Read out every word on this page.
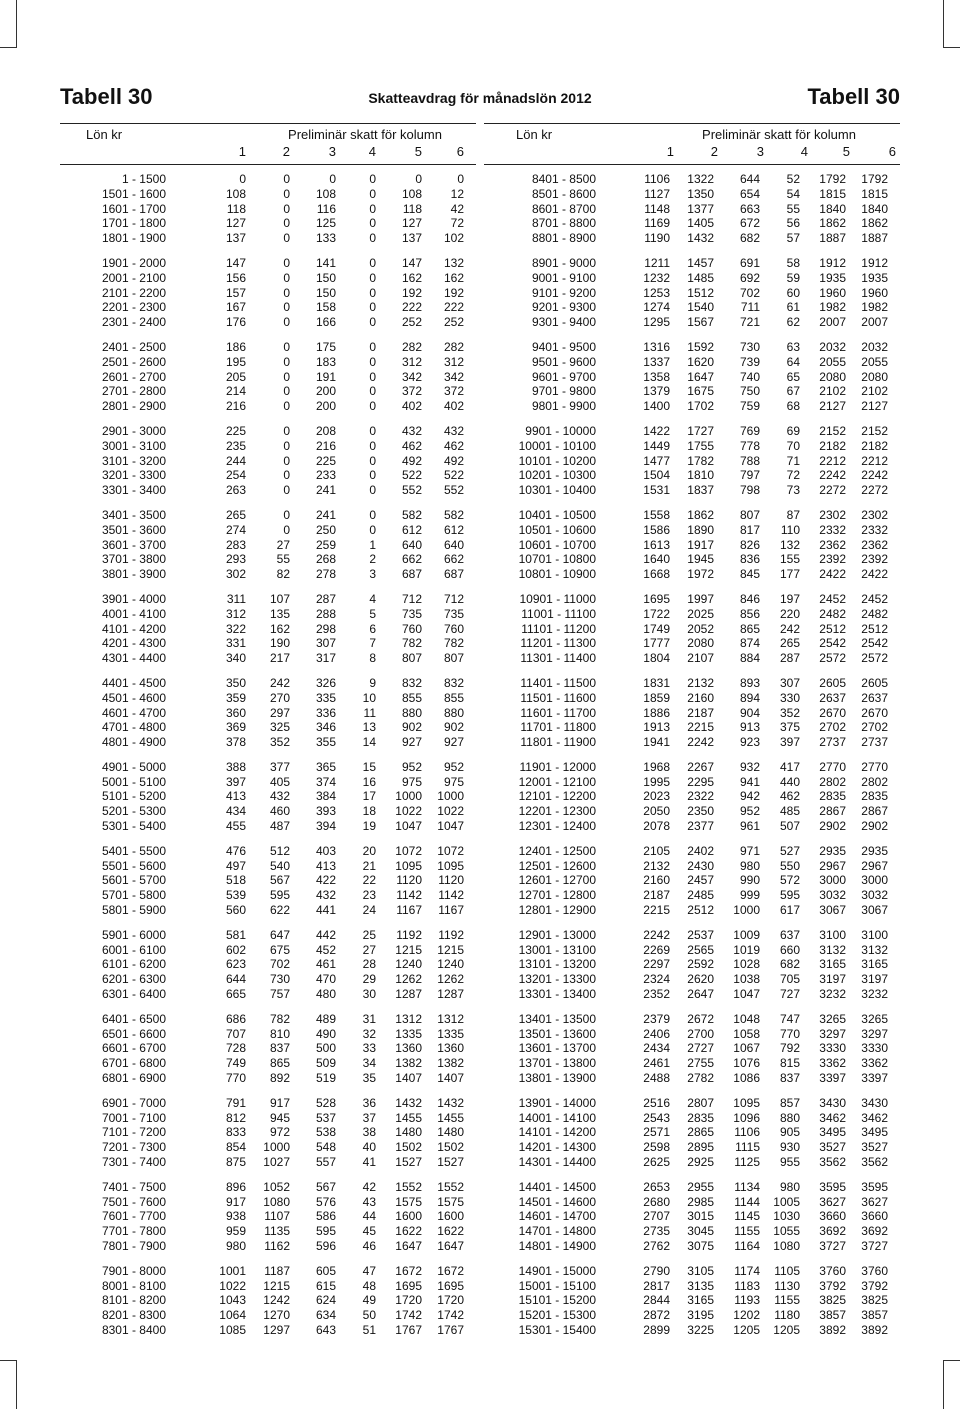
Tabell 30	Skatteavdrag för månadslön 2012	Tabell 30
Lön kr	Preliminär skatt för kolumn
1	2	3	4	5	6
1 - 1500	0	0	0	0	0	0
1501 - 1600	108	0	108	0	108	12
1601 - 1700	118	0	116	0	118	42
1701 - 1800	127	0	125	0	127	72
1801 - 1900	137	0	133	0	137	102
1901 - 2000	147	0	141	0	147	132
2001 - 2100	156	0	150	0	162	162
2101 - 2200	157	0	150	0	192	192
2201 - 2300	167	0	158	0	222	222
2301 - 2400	176	0	166	0	252	252
2401 - 2500	186	0	175	0	282	282
2501 - 2600	195	0	183	0	312	312
2601 - 2700	205	0	191	0	342	342
2701 - 2800	214	0	200	0	372	372
2801 - 2900	216	0	200	0	402	402
2901 - 3000	225	0	208	0	432	432
3001 - 3100	235	0	216	0	462	462
3101 - 3200	244	0	225	0	492	492
3201 - 3300	254	0	233	0	522	522
3301 - 3400	263	0	241	0	552	552
3401 - 3500	265	0	241	0	582	582
3501 - 3600	274	0	250	0	612	612
3601 - 3700	283	27	259	1	640	640
3701 - 3800	293	55	268	2	662	662
3801 - 3900	302	82	278	3	687	687
3901 - 4000	311	107	287	4	712	712
4001 - 4100	312	135	288	5	735	735
4101 - 4200	322	162	298	6	760	760
4201 - 4300	331	190	307	7	782	782
4301 - 4400	340	217	317	8	807	807
4401 - 4500	350	242	326	9	832	832
4501 - 4600	359	270	335	10	855	855
4601 - 4700	360	297	336	11	880	880
4701 - 4800	369	325	346	13	902	902
4801 - 4900	378	352	355	14	927	927
4901 - 5000	388	377	365	15	952	952
5001 - 5100	397	405	374	16	975	975
5101 - 5200	413	432	384	17	1000	1000
5201 - 5300	434	460	393	18	1022	1022
5301 - 5400	455	487	394	19	1047	1047
5401 - 5500	476	512	403	20	1072	1072
5501 - 5600	497	540	413	21	1095	1095
5601 - 5700	518	567	422	22	1120	1120
5701 - 5800	539	595	432	23	1142	1142
5801 - 5900	560	622	441	24	1167	1167
5901 - 6000	581	647	442	25	1192	1192
6001 - 6100	602	675	452	27	1215	1215
6101 - 6200	623	702	461	28	1240	1240
6201 - 6300	644	730	470	29	1262	1262
6301 - 6400	665	757	480	30	1287	1287
6401 - 6500	686	782	489	31	1312	1312
6501 - 6600	707	810	490	32	1335	1335
6601 - 6700	728	837	500	33	1360	1360
6701 - 6800	749	865	509	34	1382	1382
6801 - 6900	770	892	519	35	1407	1407
6901 - 7000	791	917	528	36	1432	1432
7001 - 7100	812	945	537	37	1455	1455
7101 - 7200	833	972	538	38	1480	1480
7201 - 7300	854	1000	548	40	1502	1502
7301 - 7400	875	1027	557	41	1527	1527
7401 - 7500	896	1052	567	42	1552	1552
7501 - 7600	917	1080	576	43	1575	1575
7601 - 7700	938	1107	586	44	1600	1600
7701 - 7800	959	1135	595	45	1622	1622
7801 - 7900	980	1162	596	46	1647	1647
7901 - 8000	1001	1187	605	47	1672	1672
8001 - 8100	1022	1215	615	48	1695	1695
8101 - 8200	1043	1242	624	49	1720	1720
8201 - 8300	1064	1270	634	50	1742	1742
8301 - 8400	1085	1297	643	51	1767	1767
Lön kr	Preliminär skatt för kolumn
1	2	3	4	5	6
8401 - 8500	1106	1322	644	52	1792	1792
8501 - 8600	1127	1350	654	54	1815	1815
8601 - 8700	1148	1377	663	55	1840	1840
8701 - 8800	1169	1405	672	56	1862	1862
8801 - 8900	1190	1432	682	57	1887	1887
8901 - 9000	1211	1457	691	58	1912	1912
9001 - 9100	1232	1485	692	59	1935	1935
9101 - 9200	1253	1512	702	60	1960	1960
9201 - 9300	1274	1540	711	61	1982	1982
9301 - 9400	1295	1567	721	62	2007	2007
9401 - 9500	1316	1592	730	63	2032	2032
9501 - 9600	1337	1620	739	64	2055	2055
9601 - 9700	1358	1647	740	65	2080	2080
9701 - 9800	1379	1675	750	67	2102	2102
9801 - 9900	1400	1702	759	68	2127	2127
9901 - 10000	1422	1727	769	69	2152	2152
10001 - 10100	1449	1755	778	70	2182	2182
10101 - 10200	1477	1782	788	71	2212	2212
10201 - 10300	1504	1810	797	72	2242	2242
10301 - 10400	1531	1837	798	73	2272	2272
10401 - 10500	1558	1862	807	87	2302	2302
10501 - 10600	1586	1890	817	110	2332	2332
10601 - 10700	1613	1917	826	132	2362	2362
10701 - 10800	1640	1945	836	155	2392	2392
10801 - 10900	1668	1972	845	177	2422	2422
10901 - 11000	1695	1997	846	197	2452	2452
11001 - 11100	1722	2025	856	220	2482	2482
11101 - 11200	1749	2052	865	242	2512	2512
11201 - 11300	1777	2080	874	265	2542	2542
11301 - 11400	1804	2107	884	287	2572	2572
11401 - 11500	1831	2132	893	307	2605	2605
11501 - 11600	1859	2160	894	330	2637	2637
11601 - 11700	1886	2187	904	352	2670	2670
11701 - 11800	1913	2215	913	375	2702	2702
11801 - 11900	1941	2242	923	397	2737	2737
11901 - 12000	1968	2267	932	417	2770	2770
12001 - 12100	1995	2295	941	440	2802	2802
12101 - 12200	2023	2322	942	462	2835	2835
12201 - 12300	2050	2350	952	485	2867	2867
12301 - 12400	2078	2377	961	507	2902	2902
12401 - 12500	2105	2402	971	527	2935	2935
12501 - 12600	2132	2430	980	550	2967	2967
12601 - 12700	2160	2457	990	572	3000	3000
12701 - 12800	2187	2485	999	595	3032	3032
12801 - 12900	2215	2512	1000	617	3067	3067
12901 - 13000	2242	2537	1009	637	3100	3100
13001 - 13100	2269	2565	1019	660	3132	3132
13101 - 13200	2297	2592	1028	682	3165	3165
13201 - 13300	2324	2620	1038	705	3197	3197
13301 - 13400	2352	2647	1047	727	3232	3232
13401 - 13500	2379	2672	1048	747	3265	3265
13501 - 13600	2406	2700	1058	770	3297	3297
13601 - 13700	2434	2727	1067	792	3330	3330
13701 - 13800	2461	2755	1076	815	3362	3362
13801 - 13900	2488	2782	1086	837	3397	3397
13901 - 14000	2516	2807	1095	857	3430	3430
14001 - 14100	2543	2835	1096	880	3462	3462
14101 - 14200	2571	2865	1106	905	3495	3495
14201 - 14300	2598	2895	1115	930	3527	3527
14301 - 14400	2625	2925	1125	955	3562	3562
14401 - 14500	2653	2955	1134	980	3595	3595
14501 - 14600	2680	2985	1144	1005	3627	3627
14601 - 14700	2707	3015	1145	1030	3660	3660
14701 - 14800	2735	3045	1155	1055	3692	3692
14801 - 14900	2762	3075	1164	1080	3727	3727
14901 - 15000	2790	3105	1174	1105	3760	3760
15001 - 15100	2817	3135	1183	1130	3792	3792
15101 - 15200	2844	3165	1193	1155	3825	3825
15201 - 15300	2872	3195	1202	1180	3857	3857
15301 - 15400	2899	3225	1205	1205	3892	3892
